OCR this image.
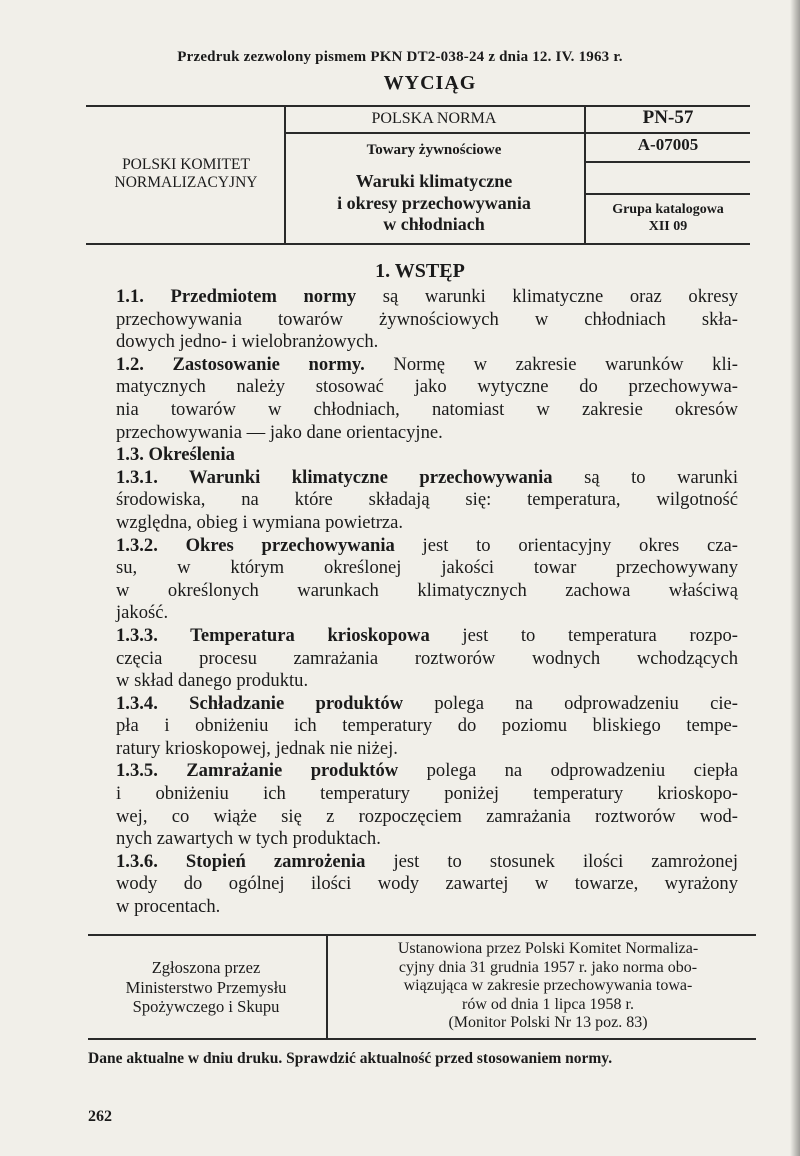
Przedruk zezwolony pismem PKN DT2-038-24 z dnia 12. IV. 1963 r.
WYCIĄG
POLSKI KOMITET
NORMALIZACYJNY
POLSKA NORMA
Towary żywnościowe
Waruki klimatyczne
i okresy przechowywania
w chłodniach
PN-57
A-07005
Grupa katalogowa
XII 09
1. WSTĘP
1.1. Przedmiotem normy są warunki klimatyczne oraz okresy
przechowywania towarów żywnościowych w chłodniach skła-
dowych jedno- i wielobranżowych.
1.2. Zastosowanie normy. Normę w zakresie warunków kli-
matycznych należy stosować jako wytyczne do przechowywa-
nia towarów w chłodniach, natomiast w zakresie okresów
przechowywania — jako dane orientacyjne.
1.3. Określenia
1.3.1. Warunki klimatyczne przechowywania są to warunki
środowiska, na które składają się: temperatura, wilgotność
względna, obieg i wymiana powietrza.
1.3.2. Okres przechowywania jest to orientacyjny okres cza-
su, w którym określonej jakości towar przechowywany
w określonych warunkach klimatycznych zachowa właściwą
jakość.
1.3.3. Temperatura krioskopowa jest to temperatura rozpo-
częcia procesu zamrażania roztworów wodnych wchodzących
w skład danego produktu.
1.3.4. Schładzanie produktów polega na odprowadzeniu cie-
pła i obniżeniu ich temperatury do poziomu bliskiego tempe-
ratury krioskopowej, jednak nie niżej.
1.3.5. Zamrażanie produktów polega na odprowadzeniu ciepła
i obniżeniu ich temperatury poniżej temperatury krioskopo-
wej, co wiąże się z rozpoczęciem zamrażania roztworów wod-
nych zawartych w tych produktach.
1.3.6. Stopień zamrożenia jest to stosunek ilości zamrożonej
wody do ogólnej ilości wody zawartej w towarze, wyrażony
w procentach.
Zgłoszona przez
Ministerstwo Przemysłu
Spożywczego i Skupu
Ustanowiona przez Polski Komitet Normaliza-
cyjny dnia 31 grudnia 1957 r. jako norma obo-
wiązująca w zakresie przechowywania towa-
rów od dnia 1 lipca 1958 r.
(Monitor Polski Nr 13 poz. 83)
Dane aktualne w dniu druku. Sprawdzić aktualność przed stosowaniem normy.
262
